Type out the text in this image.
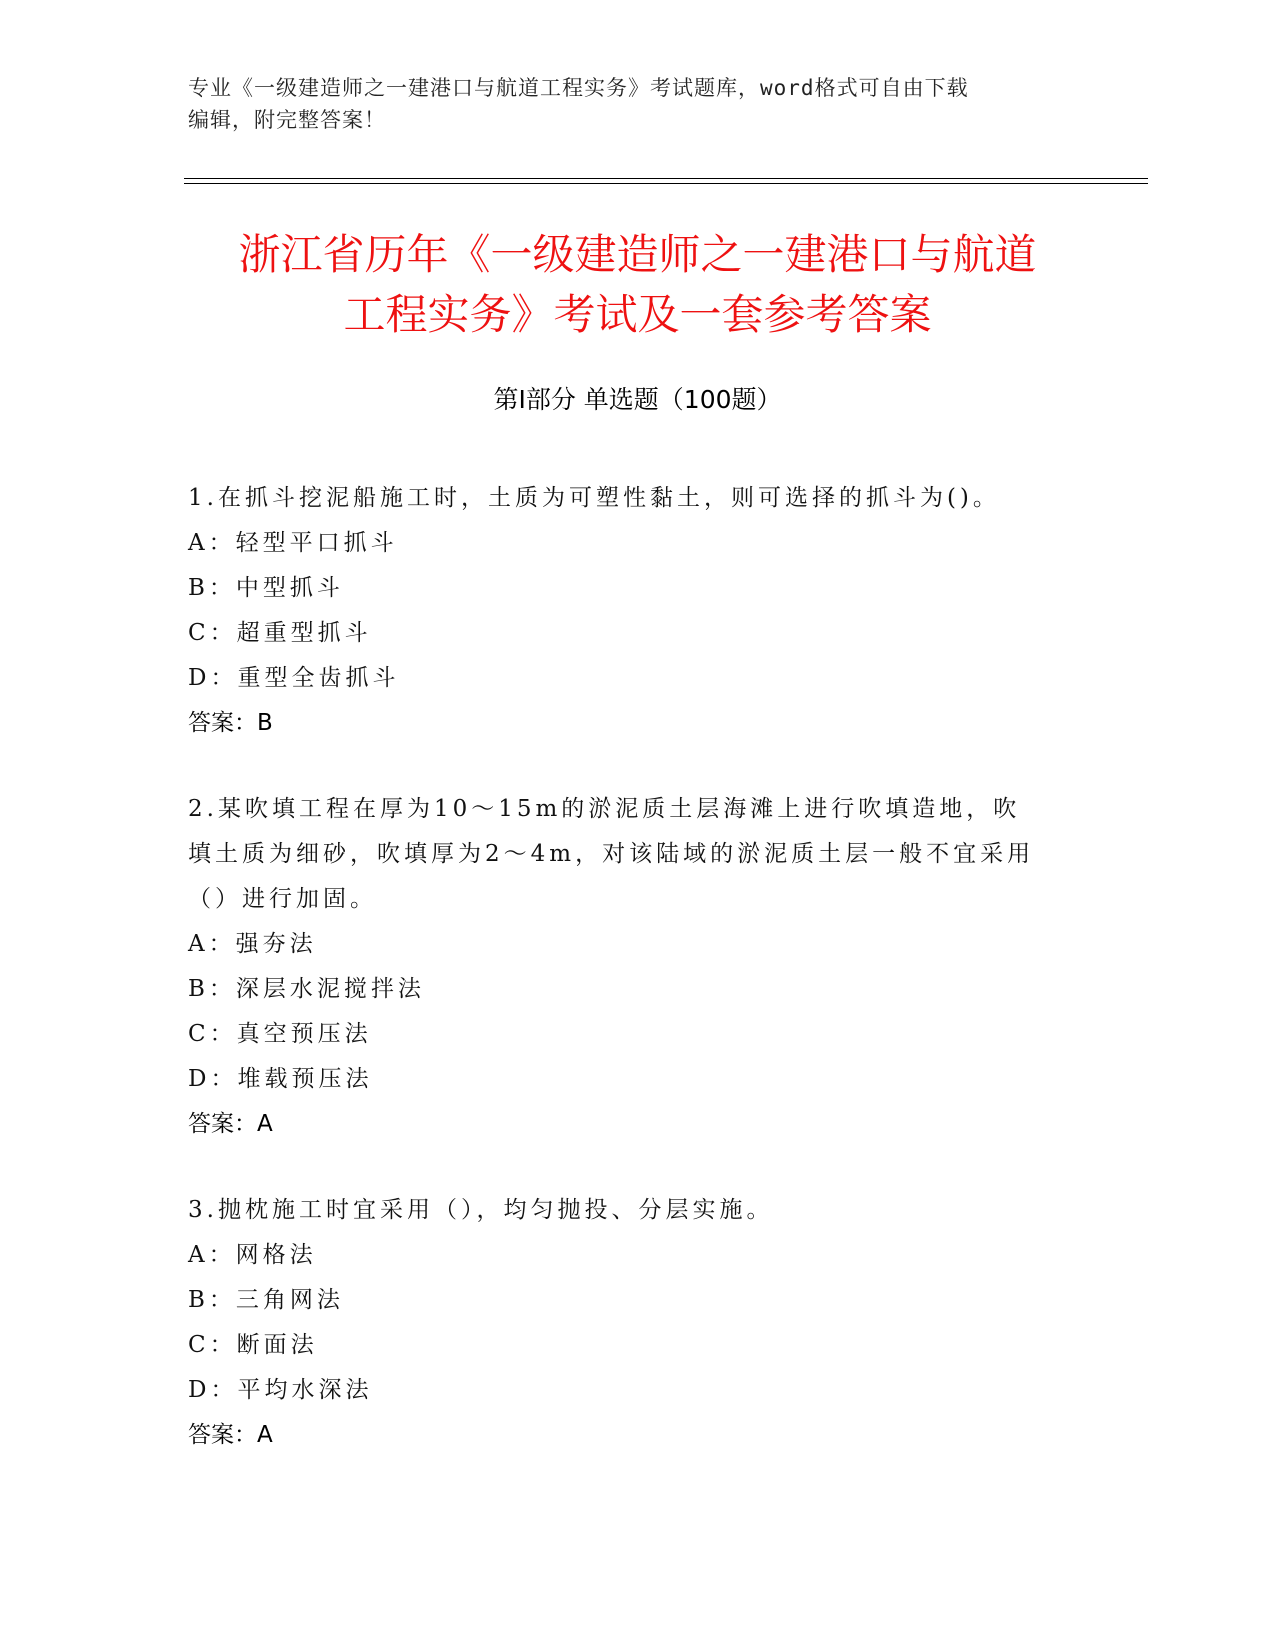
专业《一级建造师之一建港口与航道工程实务》考试题库，word格式可自由下载
编辑，附完整答案！
浙江省历年《一级建造师之一建港口与航道
工程实务》考试及一套参考答案
第Ⅰ部分 单选题（100题）
1.在抓斗挖泥船施工时，土质为可塑性黏土，则可选择的抓斗为()。
A：轻型平口抓斗
B：中型抓斗
C：超重型抓斗
D：重型全齿抓斗
答案：B
2.某吹填工程在厚为10～15m的淤泥质土层海滩上进行吹填造地，吹
填土质为细砂，吹填厚为2～4m，对该陆域的淤泥质土层一般不宜采用
（）进行加固。
A：强夯法
B：深层水泥搅拌法
C：真空预压法
D：堆载预压法
答案：A
3.抛枕施工时宜采用（），均匀抛投、分层实施。
A：网格法
B：三角网法
C：断面法
D：平均水深法
答案：A
